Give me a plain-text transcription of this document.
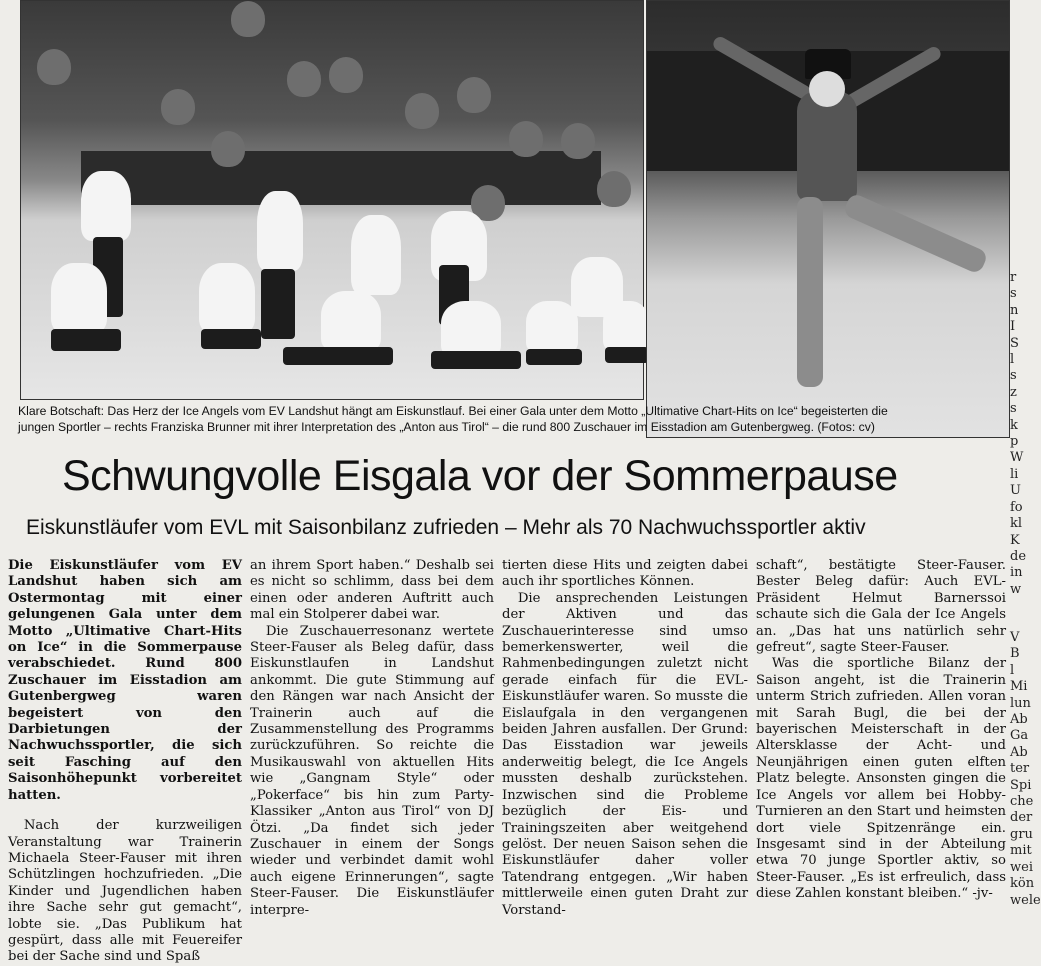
Klare Botschaft: Das Herz der Ice Angels vom EV Landshut hängt am Eiskunstlauf. Bei einer Gala unter dem Motto „Ultimative Chart-Hits on Ice“ begeisterten die
jungen Sportler – rechts Franziska Brunner mit ihrer Interpretation des „Anton aus Tirol“ – die rund 800 Zuschauer im Eisstadion am Gutenbergweg. (Fotos: cv)
Schwungvolle Eisgala vor der Sommerpause
Eiskunstläufer vom EVL mit Saisonbilanz zufrieden – Mehr als 70 Nachwuchssportler aktiv

Die Eiskunstläufer vom EV Landshut haben sich am Ostermontag mit einer gelungenen Gala unter dem Motto „Ultimative Chart-Hits on Ice“ in die Sommerpause verabschiedet. Rund 800 Zuschauer im Eisstadion am Gutenbergweg waren begeistert von den Darbietungen der Nachwuchssportler, die sich seit Fasching auf den Saisonhöhepunkt vorbereitet hatten.

Nach der kurzweiligen Veranstaltung war Trainerin Michaela Steer-Fauser mit ihren Schützlingen hochzufrieden. „Die Kinder und Jugendlichen haben ihre Sache sehr gut gemacht“, lobte sie. „Das Publikum hat gespürt, dass alle mit Feuereifer bei der Sache sind und Spaß

an ihrem Sport haben.“ Deshalb sei es nicht so schlimm, dass bei dem einen oder anderen Auftritt auch mal ein Stolperer dabei war.

Die Zuschauerresonanz wertete Steer-Fauser als Beleg dafür, dass Eiskunstlaufen in Landshut ankommt. Die gute Stimmung auf den Rängen war nach Ansicht der Trainerin auch auf die Zusammenstellung des Programms zurückzuführen. So reichte die Musikauswahl von aktuellen Hits wie „Gangnam Style“ oder „Pokerface“ bis hin zum Party-Klassiker „Anton aus Tirol“ von DJ Ötzi. „Da findet sich jeder Zuschauer in einem der Songs wieder und verbindet damit wohl auch eigene Erinnerungen“, sagte Steer-Fauser. Die Eiskunstläufer interpre-

tierten diese Hits und zeigten dabei auch ihr sportliches Können.

Die ansprechenden Leistungen der Aktiven und das Zuschauerinteresse sind umso bemerkenswerter, weil die Rahmenbedingungen zuletzt nicht gerade einfach für die EVL-Eiskunstläufer waren. So musste die Eislaufgala in den vergangenen beiden Jahren ausfallen. Der Grund: Das Eisstadion war jeweils anderweitig belegt, die Ice Angels mussten deshalb zurückstehen. Inzwischen sind die Probleme bezüglich der Eis- und Trainingszeiten aber weitgehend gelöst. Der neuen Saison sehen die Eiskunstläufer daher voller Tatendrang entgegen. „Wir haben mittlerweile einen guten Draht zur Vorstand-

schaft“, bestätigte Steer-Fauser. Bester Beleg dafür: Auch EVL-Präsident Helmut Barnerssoi schaute sich die Gala der Ice Angels an. „Das hat uns natürlich sehr gefreut“, sagte Steer-Fauser.

Was die sportliche Bilanz der Saison angeht, ist die Trainerin unterm Strich zufrieden. Allen voran mit Sarah Bugl, die bei der bayerischen Meisterschaft in der Altersklasse der Acht- und Neunjährigen einen guten elften Platz belegte. Ansonsten gingen die Ice Angels vor allem bei Hobby-Turnieren an den Start und heimsten dort viele Spitzenränge ein. Insgesamt sind in der Abteilung etwa 70 junge Sportler aktiv, so Steer-Fauser. „Es ist erfreulich, dass diese Zahlen konstant bleiben.“ -jv-

r
s
n
I
S
l
s
z
s
k
p
W
li
U
fo
kl
K
de
in
w
V
B
l
Mi
lun
Ab
Ga
Ab
ter
Spi
che
der
gru
mit
wei
kön
wele
